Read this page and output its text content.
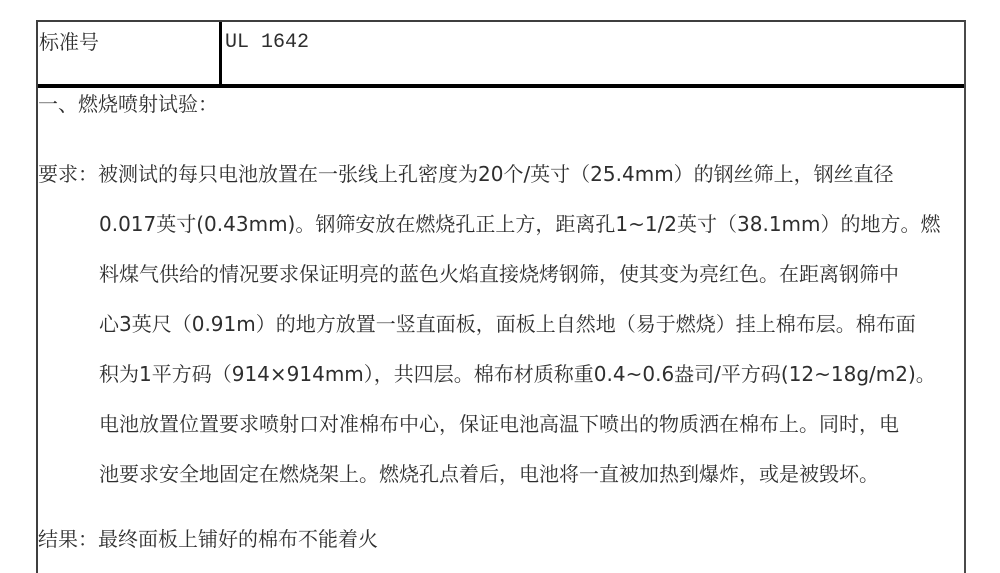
标准号	UL 1642
一、燃烧喷射试验：
要求：被测试的每只电池放置在一张线上孔密度为20个/英寸（25.4mm）的钢丝筛上，钢丝直径
0.017英寸(0.43mm)。钢筛安放在燃烧孔正上方，距离孔1~1/2英寸（38.1mm）的地方。燃
料煤气供给的情况要求保证明亮的蓝色火焰直接烧烤钢筛，使其变为亮红色。在距离钢筛中
心3英尺（0.91m）的地方放置一竖直面板，面板上自然地（易于燃烧）挂上棉布层。棉布面
积为1平方码（914×914mm），共四层。棉布材质称重0.4~0.6盎司/平方码(12~18g/m2)。
电池放置位置要求喷射口对准棉布中心，保证电池高温下喷出的物质洒在棉布上。同时，电
池要求安全地固定在燃烧架上。燃烧孔点着后，电池将一直被加热到爆炸，或是被毁坏。
结果：最终面板上铺好的棉布不能着火
